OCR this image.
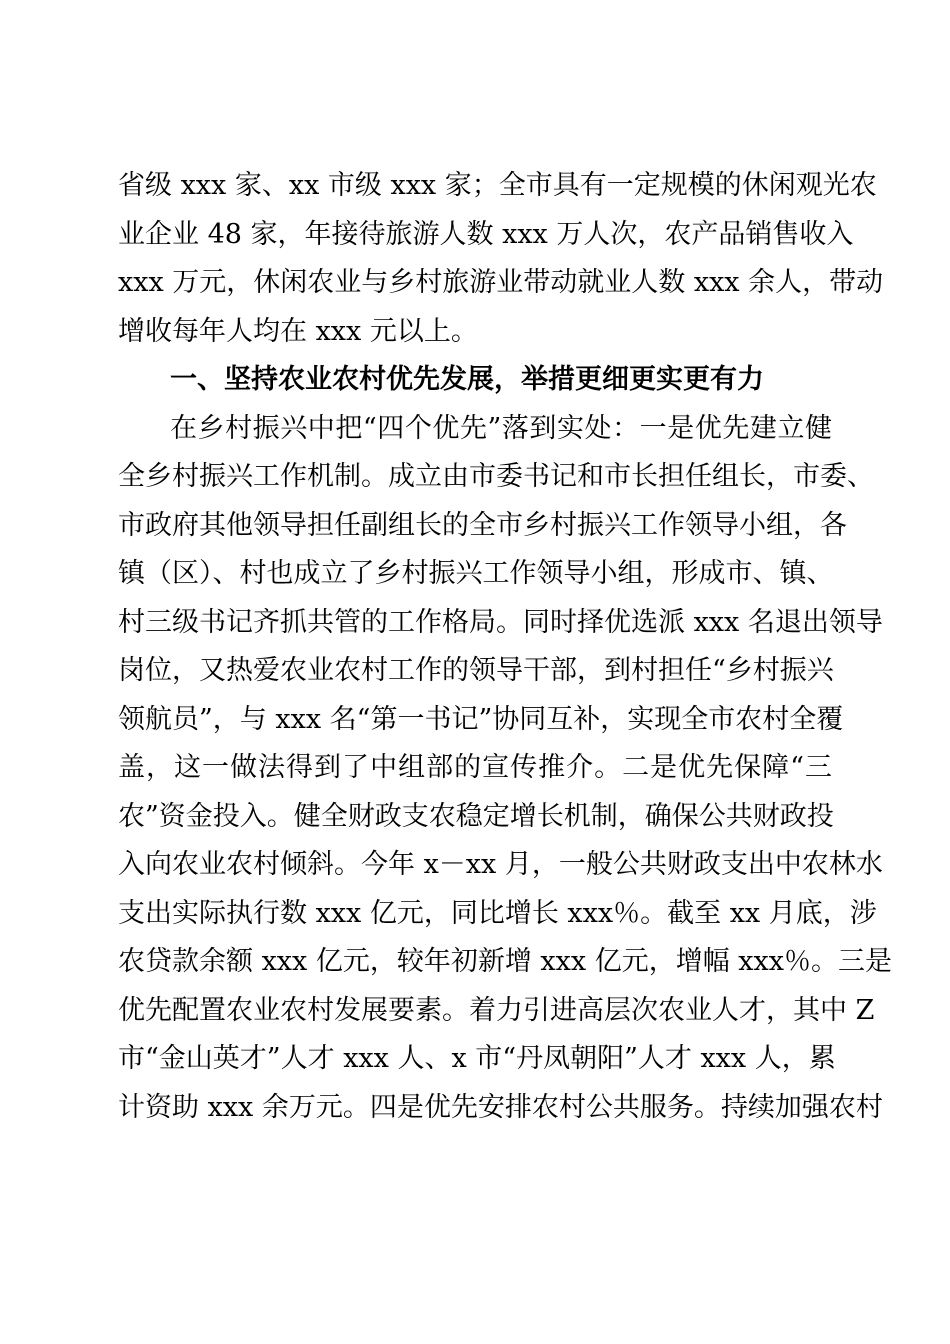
省级 xxx 家、xx 市级 xxx 家；全市具有一定规模的休闲观光农
业企业 48 家，年接待旅游人数 xxx 万人次，农产品销售收入
xxx 万元，休闲农业与乡村旅游业带动就业人数 xxx 余人，带动
增收每年人均在 xxx 元以上。
一、坚持农业农村优先发展，举措更细更实更有力
在乡村振兴中把“四个优先”落到实处：一是优先建立健
全乡村振兴工作机制。成立由市委书记和市长担任组长，市委、
市政府其他领导担任副组长的全市乡村振兴工作领导小组，各
镇（区）、村也成立了乡村振兴工作领导小组，形成市、镇、
村三级书记齐抓共管的工作格局。同时择优选派 xxx 名退出领导
岗位，又热爱农业农村工作的领导干部，到村担任“乡村振兴
领航员”，与 xxx 名“第一书记”协同互补，实现全市农村全覆
盖，这一做法得到了中组部的宣传推介。二是优先保障“三
农”资金投入。健全财政支农稳定增长机制，确保公共财政投
入向农业农村倾斜。今年 x－xx 月，一般公共财政支出中农林水
支出实际执行数 xxx 亿元，同比增长 xxx％。截至 xx 月底，涉
农贷款余额 xxx 亿元，较年初新增 xxx 亿元，增幅 xxx％。三是
优先配置农业农村发展要素。着力引进高层次农业人才，其中 Z
市“金山英才”人才 xxx 人、x 市“丹凤朝阳”人才 xxx 人，累
计资助 xxx 余万元。四是优先安排农村公共服务。持续加强农村
